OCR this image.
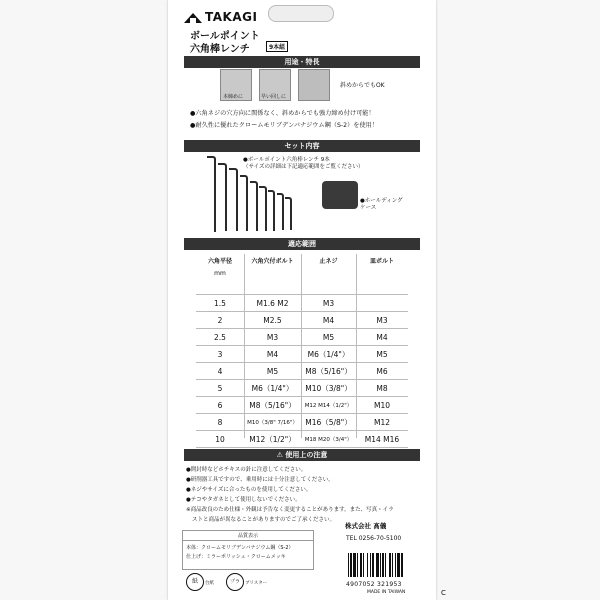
TAKAGI
ボールポイント
六角棒レンチ	9本組
用途・特長
本締めに	早い回しに
斜めからでもOK
●六角ネジの穴方向に関係なく、斜めからでも強力締め付け可能！
●耐久性に優れたクロームモリブデンバナジウム鋼（S-2）を使用！
セット内容
●ボールポイント六角棒レンチ 9本
（サイズの詳細は下記適応範囲をご覧ください）
●ホールディング
ケース
適応範囲
六角平径
mm	六角穴付ボルト	止ネジ	皿ボルト
1.5	M1.6 M2	M3	
2	M2.5	M4	M3
2.5	M3	M5	M4
3	M4	M6（1/4"）	M5
4	M5	M8（5/16"）	M6
5	M6（1/4"）	M10（3/8"）	M8
6	M8（5/16"）	M12 M14（1/2"）	M10
8	M10（3/8" 7/16"）	M16（5/8"）	M12
10	M12（1/2"）	M18 M20（3/4"）	M14 M16
⚠ 使用上の注意
●開封時などホチキスの針に注意してください。
●研削器工具ですので、乗用時には十分注意してください。
●ネジやサイズに合ったものを使用してください。
●テコやタガネとして使用しないでください。
※商品改良のため仕様・外観は予告なく変更することがあります。また、写真・イラ
ストと商品が異なることがありますのでご了承ください。
株式会社 髙儀
TEL 0256-70-5100
品質表示
本体：クロームモリブデンバナジウム鋼（S-2）
仕上げ：ミラーポリッシュ・クロームメッキ
紙	台紙	プラ	ブリスター	4907052 321953
MADE IN TAIWAN	C
